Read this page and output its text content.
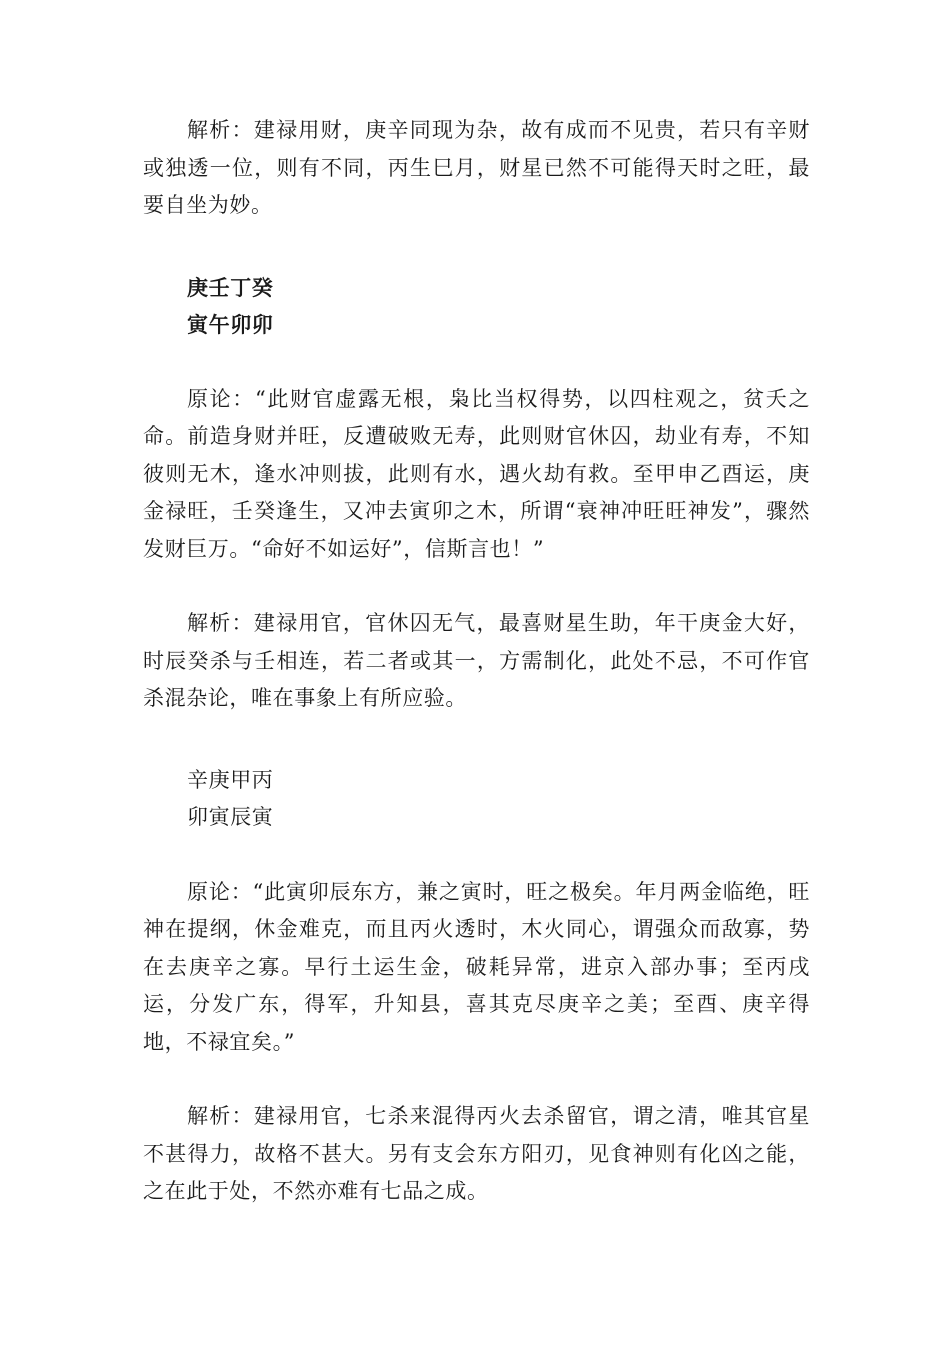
解析：建禄用财，庚辛同现为杂，故有成而不见贵，若只有辛财或独透一位，则有不同，丙生巳月，财星已然不可能得天时之旺，最要自坐为妙。

庚壬丁癸
寅午卯卯

原论：“此财官虚露无根，枭比当权得势，以四柱观之，贫夭之命。前造身财并旺，反遭破败无寿，此则财官休囚，劫业有寿，不知彼则无木，逢水冲则拔，此则有水，遇火劫有救。至甲申乙酉运，庚金禄旺，壬癸逢生，又冲去寅卯之木，所谓“衰神冲旺旺神发”，骤然发财巨万。“命好不如运好”，信斯言也！”

解析：建禄用官，官休囚无气，最喜财星生助，年干庚金大好，时辰癸杀与壬相连，若二者或其一，方需制化，此处不忌，不可作官杀混杂论，唯在事象上有所应验。

辛庚甲丙
卯寅辰寅

原论：“此寅卯辰东方，兼之寅时，旺之极矣。年月两金临绝，旺神在提纲，休金难克，而且丙火透时，木火同心，谓强众而敌寡，势在去庚辛之寡。早行土运生金，破耗异常，进京入部办事；至丙戌运，分发广东，得军，升知县，喜其克尽庚辛之美；至酉、庚辛得地，不禄宜矣。”

解析：建禄用官，七杀来混得丙火去杀留官，谓之清，唯其官星不甚得力，故格不甚大。另有支会东方阳刃，见食神则有化凶之能，之在此于处，不然亦难有七品之成。
